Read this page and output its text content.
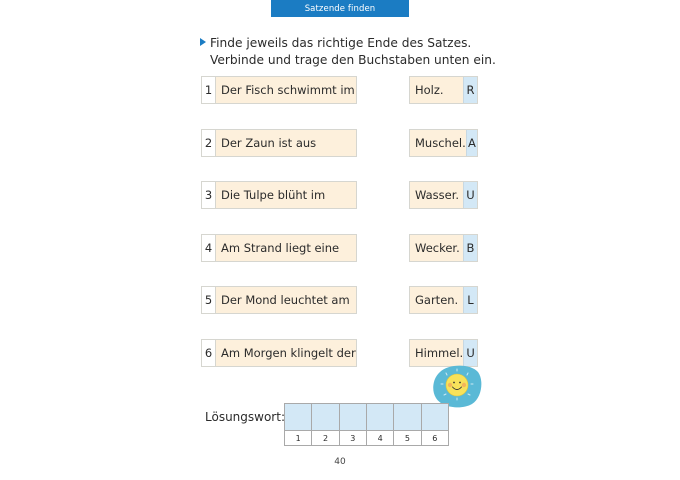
Satzende finden
Finde jeweils das richtige Ende des Satzes.
Verbinde und trage den Buchstaben unten ein.
1 Der Fisch schwimmt im
2 Der Zaun ist aus
3 Die Tulpe blüht im
4 Am Strand liegt eine
5 Der Mond leuchtet am
6 Am Morgen klingelt der
Holz.	R
Muschel. A
Wasser. U
Wecker. B
Garten. L
Himmel. U
Lösungswort:
1	2	3	4	5	6
40
